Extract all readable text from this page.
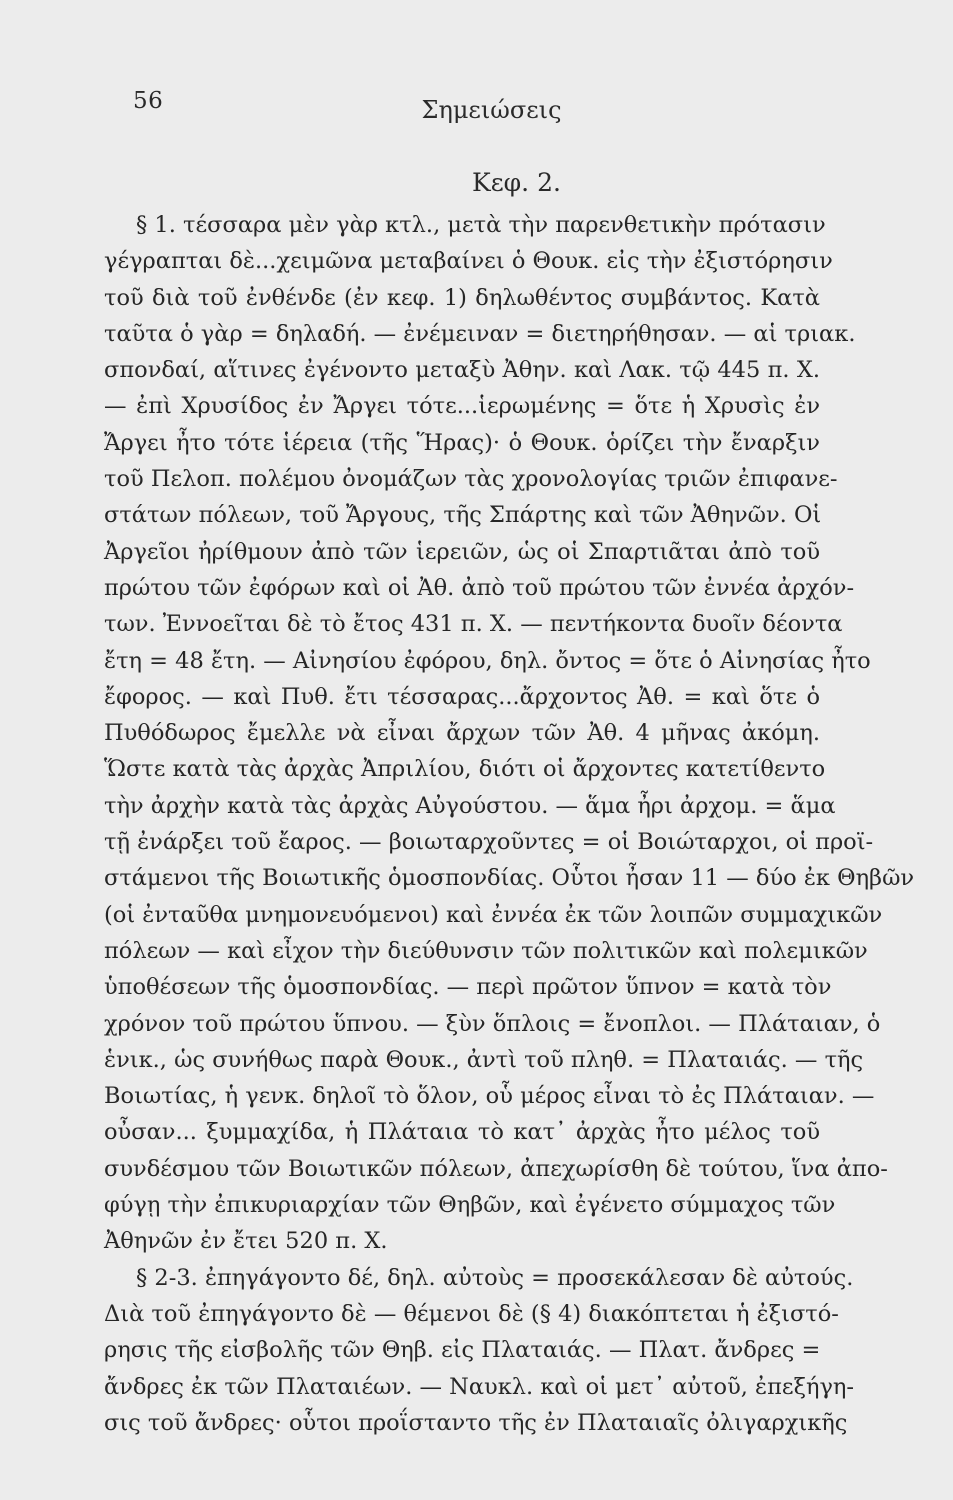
56	Σημειώσεις
Κεφ. 2.
§ 1. τέσσαρα μὲν γὰρ κτλ., μετὰ τὴν παρενθετικὴν πρότασιν
γέγραπται δὲ...χειμῶνα μεταβαίνει ὁ Θουκ. εἰς τὴν ἐξιστόρησιν
τοῦ διὰ τοῦ ἐνθένδε (ἐν κεφ. 1) δηλωθέντος συμβάντος. Κατὰ
ταῦτα ὁ γὰρ = δηλαδή. — ἐνέμειναν = διετηρήθησαν. — αἱ τριακ.
σπονδαί, αἵτινες ἐγένοντο μεταξὺ Ἀθην. καὶ Λακ. τῷ 445 π. Χ.
— ἐπὶ Χρυσίδος ἐν Ἄργει τότε...ἱερωμένης = ὅτε ἡ Χρυσὶς ἐν
Ἄργει ἦτο τότε ἱέρεια (τῆς Ἥρας)· ὁ Θουκ. ὁρίζει τὴν ἔναρξιν
τοῦ Πελοπ. πολέμου ὀνομάζων τὰς χρονολογίας τριῶν ἐπιφανε-
στάτων πόλεων, τοῦ Ἄργους, τῆς Σπάρτης καὶ τῶν Ἀθηνῶν. Οἱ
Ἀργεῖοι ἠρίθμουν ἀπὸ τῶν ἱερειῶν, ὡς οἱ Σπαρτιᾶται ἀπὸ τοῦ
πρώτου τῶν ἐφόρων καὶ οἱ Ἀθ. ἀπὸ τοῦ πρώτου τῶν ἐννέα ἀρχόν-
των. Ἐννοεῖται δὲ τὸ ἔτος 431 π. Χ. — πεντήκοντα δυοῖν δέοντα
ἔτη = 48 ἔτη. — Αἰνησίου ἐφόρου, δηλ. ὄντος = ὅτε ὁ Αἰνησίας ἦτο
ἔφορος. — καὶ Πυθ. ἔτι τέσσαρας...ἄρχοντος Ἀθ. = καὶ ὅτε ὁ
Πυθόδωρος ἔμελλε νὰ εἶναι ἄρχων τῶν Ἀθ. 4 μῆνας ἀκόμη.
Ὥστε κατὰ τὰς ἀρχὰς Ἀπριλίου, διότι οἱ ἄρχοντες κατετίθεντο
τὴν ἀρχὴν κατὰ τὰς ἀρχὰς Αὐγούστου. — ἅμα ἦρι ἀρχομ. = ἅμα
τῇ ἐνάρξει τοῦ ἔαρος. — βοιωταρχοῦντες = οἱ Βοιώταρχοι, οἱ προϊ-
στάμενοι τῆς Βοιωτικῆς ὁμοσπονδίας. Οὗτοι ἦσαν 11 — δύο ἐκ Θηβῶν
(οἱ ἐνταῦθα μνημονευόμενοι) καὶ ἐννέα ἐκ τῶν λοιπῶν συμμαχικῶν
πόλεων — καὶ εἶχον τὴν διεύθυνσιν τῶν πολιτικῶν καὶ πολεμικῶν
ὑποθέσεων τῆς ὁμοσπονδίας. — περὶ πρῶτον ὕπνον = κατὰ τὸν
χρόνον τοῦ πρώτου ὕπνου. — ξὺν ὅπλοις = ἔνοπλοι. — Πλάταιαν, ὁ
ἑνικ., ὡς συνήθως παρὰ Θουκ., ἀντὶ τοῦ πληθ. = Πλαταιάς. — τῆς
Βοιωτίας, ἡ γενκ. δηλοῖ τὸ ὅλον, οὗ μέρος εἶναι τὸ ἐς Πλάταιαν. —
οὖσαν... ξυμμαχίδα, ἡ Πλάταια τὸ κατ᾽ ἀρχὰς ἦτο μέλος τοῦ
συνδέσμου τῶν Βοιωτικῶν πόλεων, ἀπεχωρίσθη δὲ τούτου, ἵνα ἀπο-
φύγῃ τὴν ἐπικυριαρχίαν τῶν Θηβῶν, καὶ ἐγένετο σύμμαχος τῶν
Ἀθηνῶν ἐν ἔτει 520 π. Χ.
§ 2-3. ἐπηγάγοντο δέ, δηλ. αὐτοὺς = προσεκάλεσαν δὲ αὐτούς.
Διὰ τοῦ ἐπηγάγοντο δὲ — θέμενοι δὲ (§ 4) διακόπτεται ἡ ἐξιστό-
ρησις τῆς εἰσβολῆς τῶν Θηβ. εἰς Πλαταιάς. — Πλατ. ἄνδρες =
ἄνδρες ἐκ τῶν Πλαταιέων. — Ναυκλ. καὶ οἱ μετ᾽ αὐτοῦ, ἐπεξήγη-
σις τοῦ ἄνδρες· οὗτοι προΐσταντο τῆς ἐν Πλαταιαῖς ὀλιγαρχικῆς
